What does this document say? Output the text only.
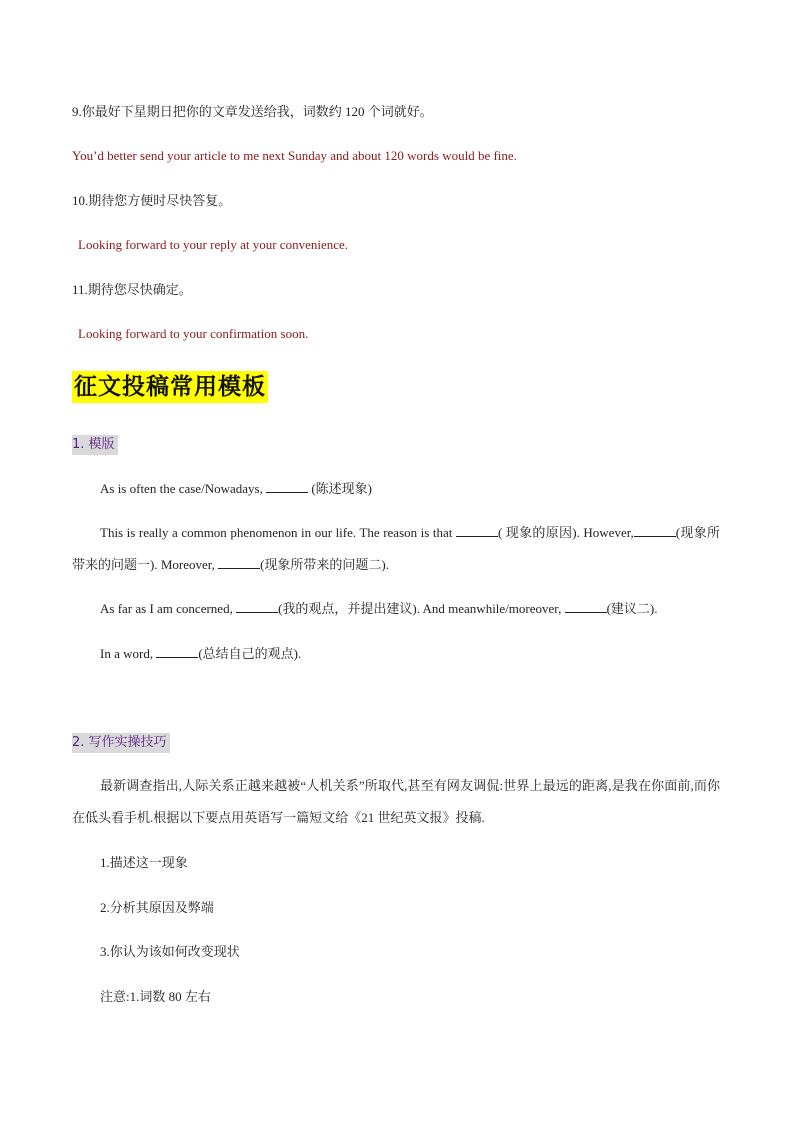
9.你最好下星期日把你的文章发送给我，词数约 120 个词就好。
You’d better send your article to me next Sunday and about 120 words would be fine.
10.期待您方便时尽快答复。
Looking forward to your reply at your convenience.
11.期待您尽快确定。
Looking forward to your confirmation soon.
征文投稿常用模板
1. 模版
As is often the case/Nowadays,	(陈述现象)
This is really a common phenomenon in our life. The reason is that	( 现象的原因). However,	(现象所带来的问题一). Moreover,	(现象所带来的问题二).
As far as I am concerned,	(我的观点，并提出建议). And meanwhile/moreover,	(建议二).
In a word,	(总结自己的观点).
2. 写作实操技巧
最新调查指出,人际关系正越来越被“人机关系”所取代,甚至有网友调侃:世界上最远的距离,是我在你面前,而你在低头看手机.根据以下要点用英语写一篇短文给《21 世纪英文报》投稿.
1.描述这一现象
2.分析其原因及弊端
3.你认为该如何改变现状
注意:1.词数 80 左右
